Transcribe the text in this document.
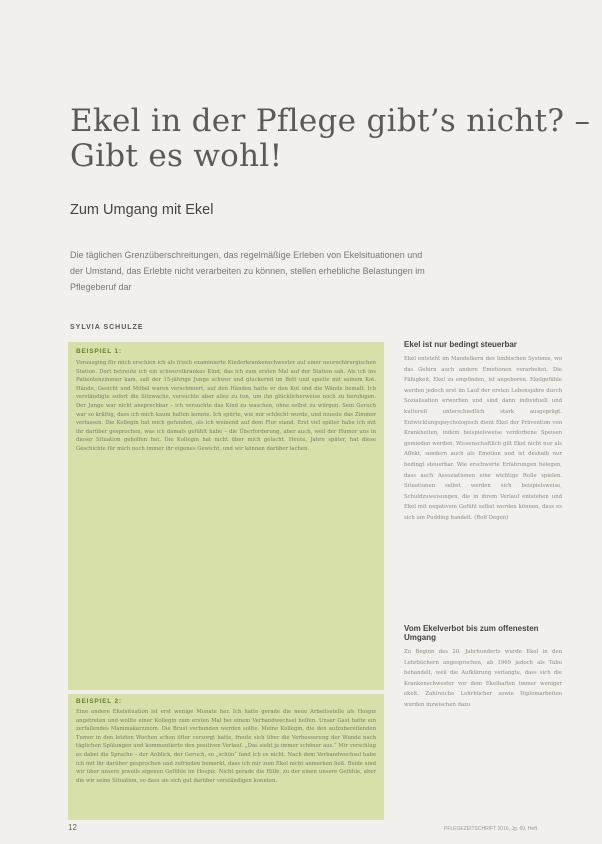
Ekel in der Pflege gibt’s nicht? –
Gibt es wohl!
Zum Umgang mit Ekel
Die täglichen Grenzüberschreitungen, das regelmäßige Erleben von Ekelsituationen und der Umstand, das Erlebte nicht verarbeiten zu können, stellen erhebliche Belastungen im Pflegeberuf dar
SYLVIA SCHULZE
BEISPIEL 1:
Vorausging für mich erschien ich als frisch examinierte Kinderkrankenschwester auf einer neurochirurgischen Station. Dort betreute ich ein schwerstkrankes Kind, das ich zum ersten Mal auf der Station sah. Als ich ins Patientenzimmer kam, saß der 15-jährige Junge schwer und gluckernd im Bett und spielte mit seinem Kot. Hände, Gesicht und Möbel waren verschmiert, auf den Händen hatte er den Kot und die Wände bemalt. Ich verständigte sofort die Sitzwache, versuchte aber alles zu tun, um ihn glücklicherweise noch zu beruhigen. Der Junge war nicht ansprechbar – ich versuchte das Kind zu waschen, ohne selbst zu würgen. Sein Geruch war so kräftig, dass ich mich kaum halten konnte. Ich spürte, wie mir schlecht wurde, und musste das Zimmer verlassen. Die Kollegin hat mich gefunden, als ich weinend auf dem Flur stand. Erst viel später habe ich mit ihr darüber gesprochen, was ich damals gefühlt habe – die Überforderung, aber auch, weil der Humor uns in dieser Situation geholfen hat. Die Kollegin hat nicht über mich gelacht. Heute, Jahre später, hat diese Geschichte für mich noch immer ihr eigenes Gewicht, und wir können darüber lachen.
BEISPIEL 2:
Eine andere Ekelsituation ist erst wenige Monate her. Ich hatte gerade die neue Arbeitsstelle als Hospiz angetreten und wollte einer Kollegin zum ersten Mal bei einem Verbandwechsel helfen. Unser Gast hatte ein zerfallendes Mammakarzinom. Die Brust verbunden werden sollte. Meine Kollegin, die den aufzubereitenden Tumor in den letzten Wochen schon öfter versorgt hatte, freute sich über die Verbesserung der Wunde nach täglichen Spülungen und kommentierte den positiven Verlauf. „Das sieht ja immer schöner aus.“ Mir verschlug es dabei die Sprache – der Anblick, der Geruch, so „schön“ fand ich es nicht. Nach dem Verbandwechsel habe ich mit ihr darüber gesprochen und zufrieden bemerkt, dass ich mir zum Ekel nicht anmerken ließ. Beide sind wir über unsere jeweils eigenen Gefühle im Hospiz. Nicht gerade die Hilfe, zu der einen unsere Gefühle, aber die wir seine Situation, so dass sie sich gut darüber verständigen konnten.
Ekel ist nur bedingt steuerbar
Ekel entsteht im Mandelkern des limbischen Systems, wo das Gehirn auch andere Emotionen verarbeitet. Die Fähigkeit, Ekel zu empfinden, ist angeboren. Ekelgefühle werden jedoch erst im Lauf der ersten Lebensjahre durch Sozialisation erworben und sind dann individuell und kulturell unterschiedlich stark ausgeprägt. Entwicklungspsychologisch dient Ekel der Prävention von Krankheiten, indem beispielsweise verdorbene Speisen gemieden werden. Wissenschaftlich gilt Ekel nicht nur als Affekt, sondern auch als Emotion und ist deshalb nur bedingt steuerbar. Wie erschwerte Erfahrungen belegen, dass auch Assoziationen eine wichtige Rolle spielen. Situationen selbst werden sich beispielsweise, Schuldzuweisungen, die in ihrem Verlauf entstehen und Ekel mit negativem Gefühl selbst werden können, dass es sich um Pudding handelt. (Rolf Degen)
Vom Ekelverbot bis zum offenesten Umgang
Zu Beginn des 20. Jahrhunderts wurde Ekel in den Lehrbüchern angesprochen, ab 1969 jedoch als Tabu behandelt, weil die Aufklärung verlangte, dass sich die Krankenschwester vor dem Ekelhaften immer weniger ekelt. Zahlreiche Lehrbücher sowie Diplomarbeiten wurden inzwischen dazu
12	PFLEGEZEITSCHRIFT 2016, Jg. 69, Heft
